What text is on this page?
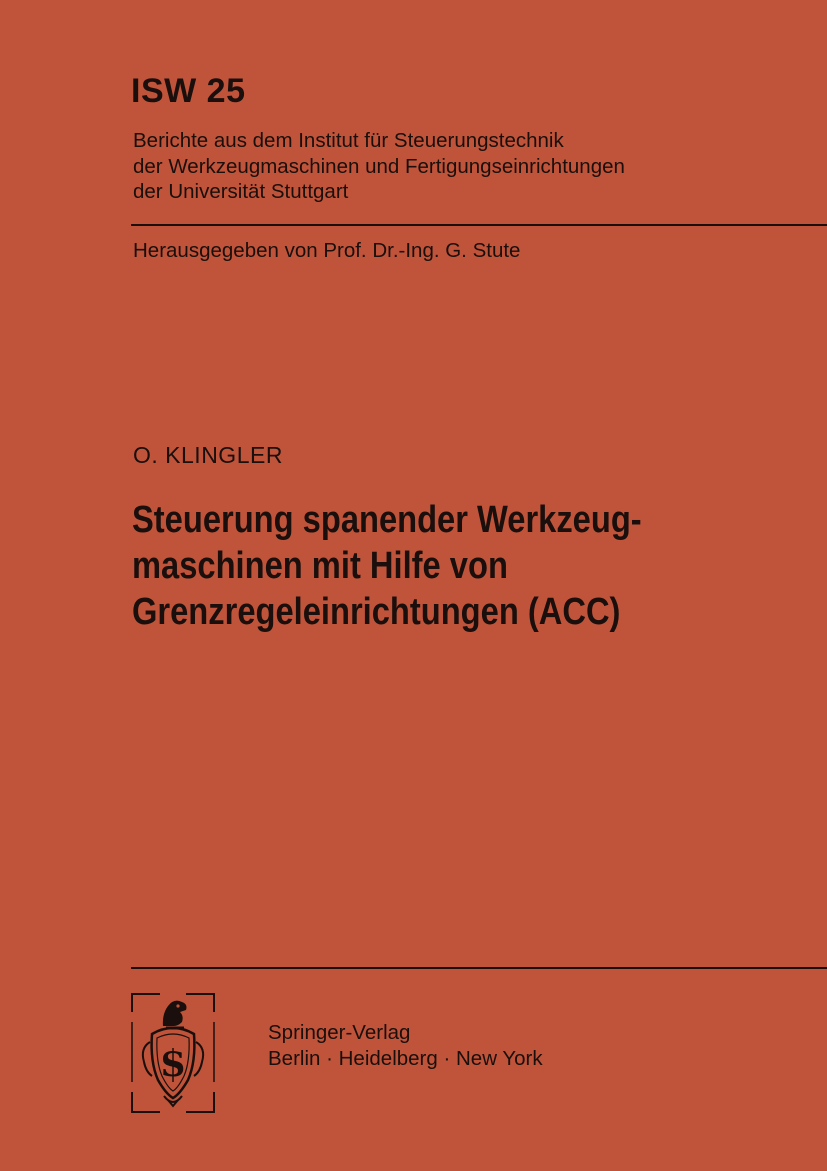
ISW 25
Berichte aus dem Institut für Steuerungstechnik
der Werkzeugmaschinen und Fertigungseinrichtungen
der Universität Stuttgart

Herausgegeben von Prof. Dr.-Ing. G. Stute

O. KLINGLER

Steuerung spanender Werkzeug-
maschinen mit Hilfe von
Grenzregeleinrichtungen (ACC)
S
Springer-Verlag
Berlin · Heidelberg · New York
